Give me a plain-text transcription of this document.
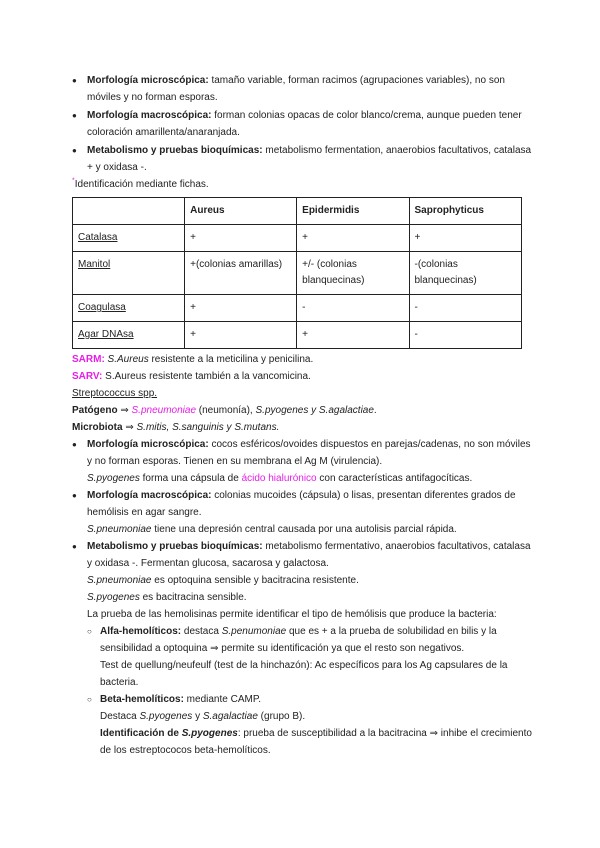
● Morfología microscópica: tamaño variable, forman racimos (agrupaciones variables), no son móviles y no forman esporas.

● Morfología macroscópica: forman colonias opacas de color blanco/crema, aunque pueden tener coloración amarillenta/anaranjada.

● Metabolismo y pruebas bioquímicas: metabolismo fermentation, anaerobios facultativos, catalasa + y oxidasa -.

*Identificación mediante fichas.

	Aureus	Epidermidis	Saprophyticus
Catalasa	+	+	+
Manitol	+(colonias amarillas)	+/- (colonias blanquecinas)	-(colonias blanquecinas)
Coagulasa	+	-	-
Agar DNAsa	+	+	-

SARM: S.Aureus resistente a la meticilina y penicilina.

SARV: S.Aureus resistente también a la vancomicina.

Streptococcus spp.

Patógeno ⇒ S.pneumoniae (neumonía), S.pyogenes y S.agalactiae.

Microbiota ⇒ S.mitis, S.sanguinis y S.mutans.

● Morfología microscópica: cocos esféricos/ovoides dispuestos en parejas/cadenas, no son móviles y no forman esporas. Tienen en su membrana el Ag M (virulencia).

S.pyogenes forma una cápsula de ácido hialurónico con características antifagocíticas.

● Morfología macroscópica: colonias mucoides (cápsula) o lisas, presentan diferentes grados de hemólisis en agar sangre.

S.pneumoniae tiene una depresión central causada por una autolisis parcial rápida.

● Metabolismo y pruebas bioquímicas: metabolismo fermentativo, anaerobios facultativos, catalasa y oxidasa -. Fermentan glucosa, sacarosa y galactosa.

S.pneumoniae es optoquina sensible y bacitracina resistente.

S.pyogenes es bacitracina sensible.

La prueba de las hemolisinas permite identificar el tipo de hemólisis que produce la bacteria:

○ Alfa-hemolíticos: destaca S.penumoniae que es + a la prueba de solubilidad en bilis y la sensibilidad a optoquina ⇒ permite su identificación ya que el resto son negativos.

Test de quellung/neufeulf (test de la hinchazón): Ac específicos para los Ag capsulares de la bacteria.

○ Beta-hemolíticos: mediante CAMP.

Destaca S.pyogenes y S.agalactiae (grupo B).

Identificación de S.pyogenes: prueba de susceptibilidad a la bacitracina ⇒ inhibe el crecimiento de los estreptococos beta-hemolíticos.
